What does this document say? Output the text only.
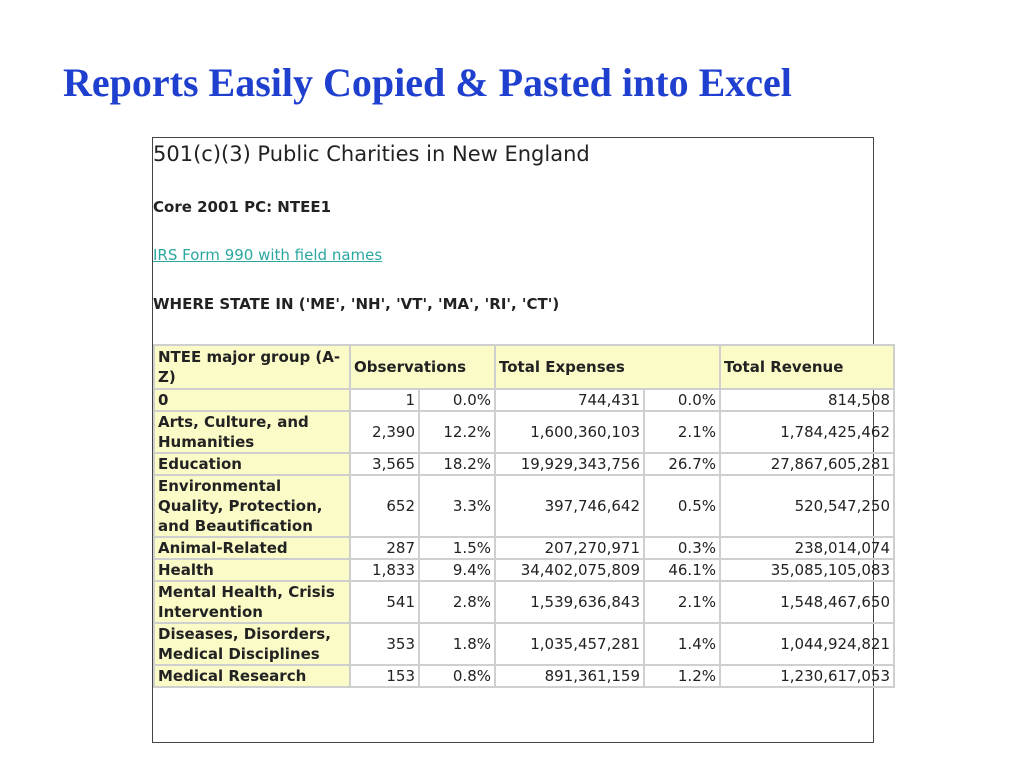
Reports Easily Copied & Pasted into Excel
501(c)(3) Public Charities in New England
Core 2001 PC: NTEE1
IRS Form 990 with field names
WHERE STATE IN ('ME', 'NH', 'VT', 'MA', 'RI', 'CT')
NTEE major group (A-Z)	Observations		Total Expenses		Total Revenue
0	1	0.0%	744,431	0.0%	814,508
Arts, Culture, and Humanities	2,390	12.2%	1,600,360,103	2.1%	1,784,425,462
Education	3,565	18.2%	19,929,343,756	26.7%	27,867,605,281
Environmental Quality, Protection, and Beautification	652	3.3%	397,746,642	0.5%	520,547,250
Animal-Related	287	1.5%	207,270,971	0.3%	238,014,074
Health	1,833	9.4%	34,402,075,809	46.1%	35,085,105,083
Mental Health, Crisis Intervention	541	2.8%	1,539,636,843	2.1%	1,548,467,650
Diseases, Disorders, Medical Disciplines	353	1.8%	1,035,457,281	1.4%	1,044,924,821
Medical Research	153	0.8%	891,361,159	1.2%	1,230,617,053
